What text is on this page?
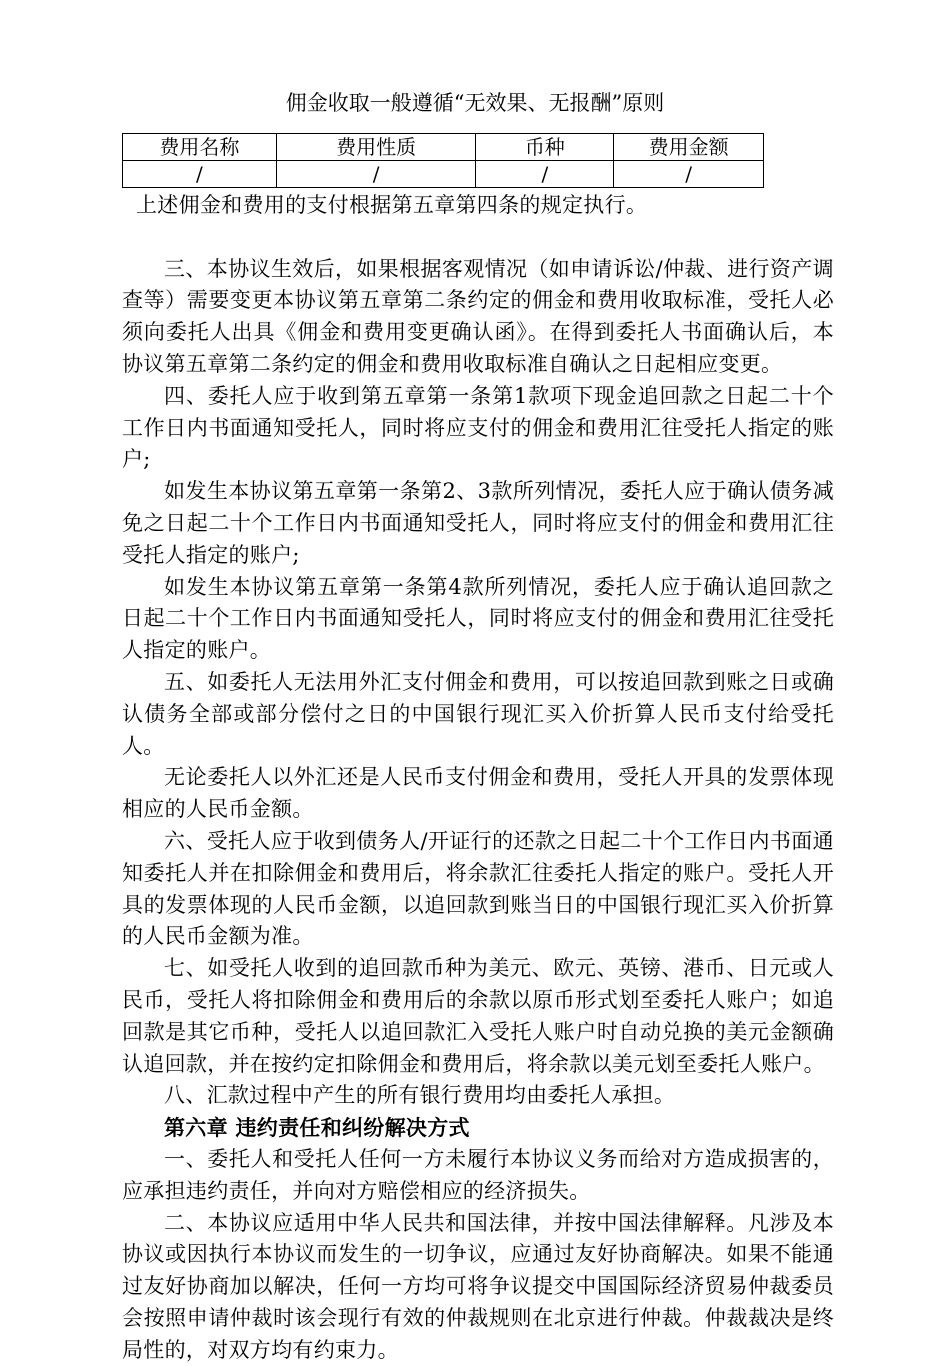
佣金收取一般遵循“无效果、无报酬”原则
费用名称	费用性质	币种	费用金额
/	/	/	/

上述佣金和费用的支付根据第五章第四条的规定执行。

三、本协议生效后，如果根据客观情况（如申请诉讼/仲裁、进行资产调查等）需要变更本协议第五章第二条约定的佣金和费用收取标准，受托人必须向委托人出具《佣金和费用变更确认函》。在得到委托人书面确认后，本协议第五章第二条约定的佣金和费用收取标准自确认之日起相应变更。

四、委托人应于收到第五章第一条第1款项下现金追回款之日起二十个工作日内书面通知受托人，同时将应支付的佣金和费用汇往受托人指定的账户;

如发生本协议第五章第一条第2、3款所列情况，委托人应于确认债务减免之日起二十个工作日内书面通知受托人，同时将应支付的佣金和费用汇往受托人指定的账户;

如发生本协议第五章第一条第4款所列情况，委托人应于确认追回款之日起二十个工作日内书面通知受托人，同时将应支付的佣金和费用汇往受托人指定的账户。

五、如委托人无法用外汇支付佣金和费用，可以按追回款到账之日或确认债务全部或部分偿付之日的中国银行现汇买入价折算人民币支付给受托人。

无论委托人以外汇还是人民币支付佣金和费用，受托人开具的发票体现相应的人民币金额。

六、受托人应于收到债务人/开证行的还款之日起二十个工作日内书面通知委托人并在扣除佣金和费用后，将余款汇往委托人指定的账户。受托人开具的发票体现的人民币金额，以追回款到账当日的中国银行现汇买入价折算的人民币金额为准。

七、如受托人收到的追回款币种为美元、欧元、英镑、港币、日元或人民币，受托人将扣除佣金和费用后的余款以原币形式划至委托人账户；如追回款是其它币种，受托人以追回款汇入受托人账户时自动兑换的美元金额确认追回款，并在按约定扣除佣金和费用后，将余款以美元划至委托人账户。

八、汇款过程中产生的所有银行费用均由委托人承担。

第六章 违约责任和纠纷解决方式

一、委托人和受托人任何一方未履行本协议义务而给对方造成损害的，应承担违约责任，并向对方赔偿相应的经济损失。

二、本协议应适用中华人民共和国法律，并按中国法律解释。凡涉及本协议或因执行本协议而发生的一切争议，应通过友好协商解决。如果不能通过友好协商加以解决，任何一方均可将争议提交中国国际经济贸易仲裁委员会按照申请仲裁时该会现行有效的仲裁规则在北京进行仲裁。仲裁裁决是终局性的，对双方均有约束力。
